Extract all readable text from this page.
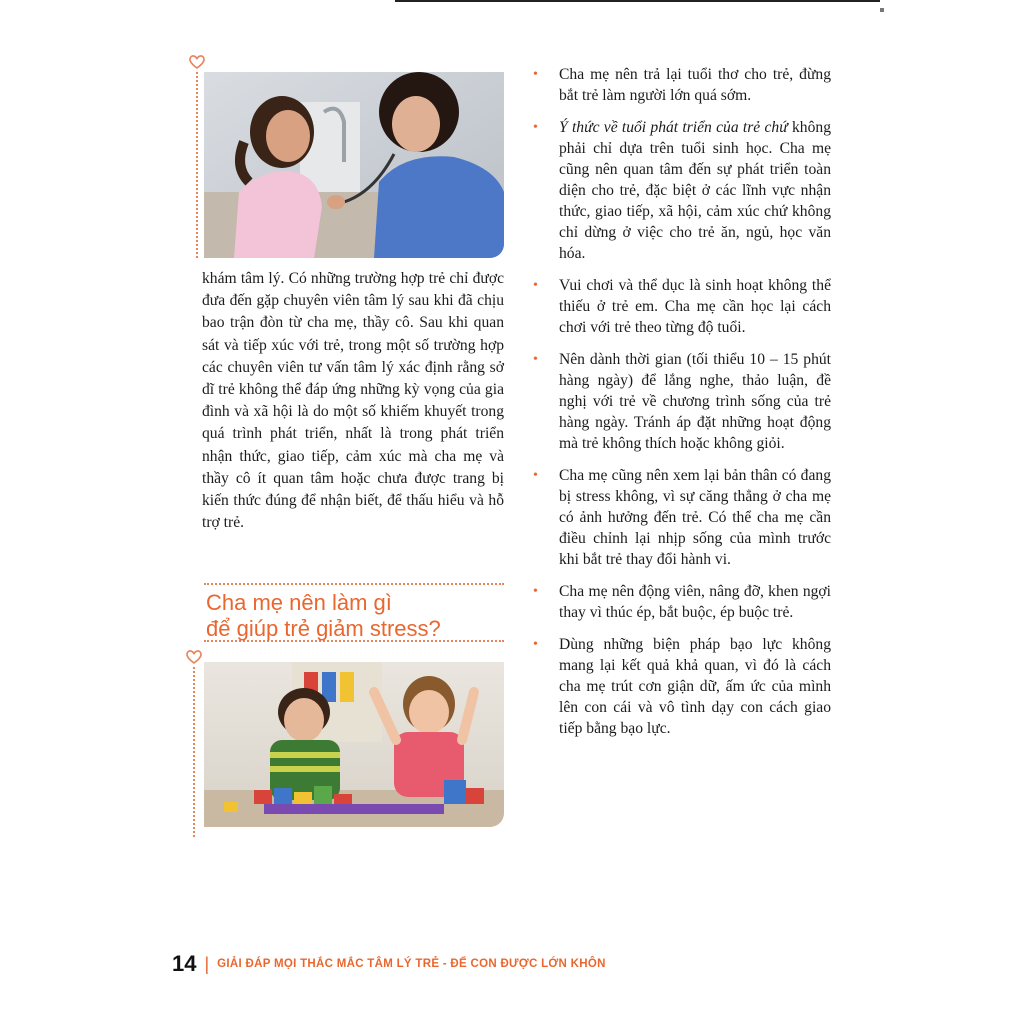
khám tâm lý. Có những trường hợp trẻ chỉ được đưa đến gặp chuyên viên tâm lý sau khi đã chịu bao trận đòn từ cha mẹ, thầy cô. Sau khi quan sát và tiếp xúc với trẻ, trong một số trường hợp các chuyên viên tư vấn tâm lý xác định rằng sở dĩ trẻ không thể đáp ứng những kỳ vọng của gia đình và xã hội là do một số khiếm khuyết trong quá trình phát triển, nhất là trong phát triển nhận thức, giao tiếp, cảm xúc mà cha mẹ và thầy cô ít quan tâm hoặc chưa được trang bị kiến thức đúng để nhận biết, để thấu hiểu và hỗ trợ trẻ.

Cha mẹ nên làm gì
để giúp trẻ giảm stress?
• Cha mẹ nên trả lại tuổi thơ cho trẻ, đừng bắt trẻ làm người lớn quá sớm.
• Ý thức về tuổi phát triển của trẻ chứ không phải chỉ dựa trên tuổi sinh học. Cha mẹ cũng nên quan tâm đến sự phát triển toàn diện cho trẻ, đặc biệt ở các lĩnh vực nhận thức, giao tiếp, xã hội, cảm xúc chứ không chỉ dừng ở việc cho trẻ ăn, ngủ, học văn hóa.
• Vui chơi và thể dục là sinh hoạt không thể thiếu ở trẻ em. Cha mẹ cần học lại cách chơi với trẻ theo từng độ tuổi.
• Nên dành thời gian (tối thiểu 10 – 15 phút hàng ngày) để lắng nghe, thảo luận, đề nghị với trẻ về chương trình sống của trẻ hàng ngày. Tránh áp đặt những hoạt động mà trẻ không thích hoặc không giỏi.
• Cha mẹ cũng nên xem lại bản thân có đang bị stress không, vì sự căng thẳng ở cha mẹ có ảnh hưởng đến trẻ. Có thể cha mẹ cần điều chỉnh lại nhịp sống của mình trước khi bắt trẻ thay đổi hành vi.
• Cha mẹ nên động viên, nâng đỡ, khen ngợi thay vì thúc ép, bắt buộc, ép buộc trẻ.
• Dùng những biện pháp bạo lực không mang lại kết quả khả quan, vì đó là cách cha mẹ trút cơn giận dữ, ấm ức của mình lên con cái và vô tình dạy con cách giao tiếp bằng bạo lực.
14 | GIẢI ĐÁP MỌI THẮC MẮC TÂM LÝ TRẺ - ĐỂ CON ĐƯỢC LỚN KHÔN
